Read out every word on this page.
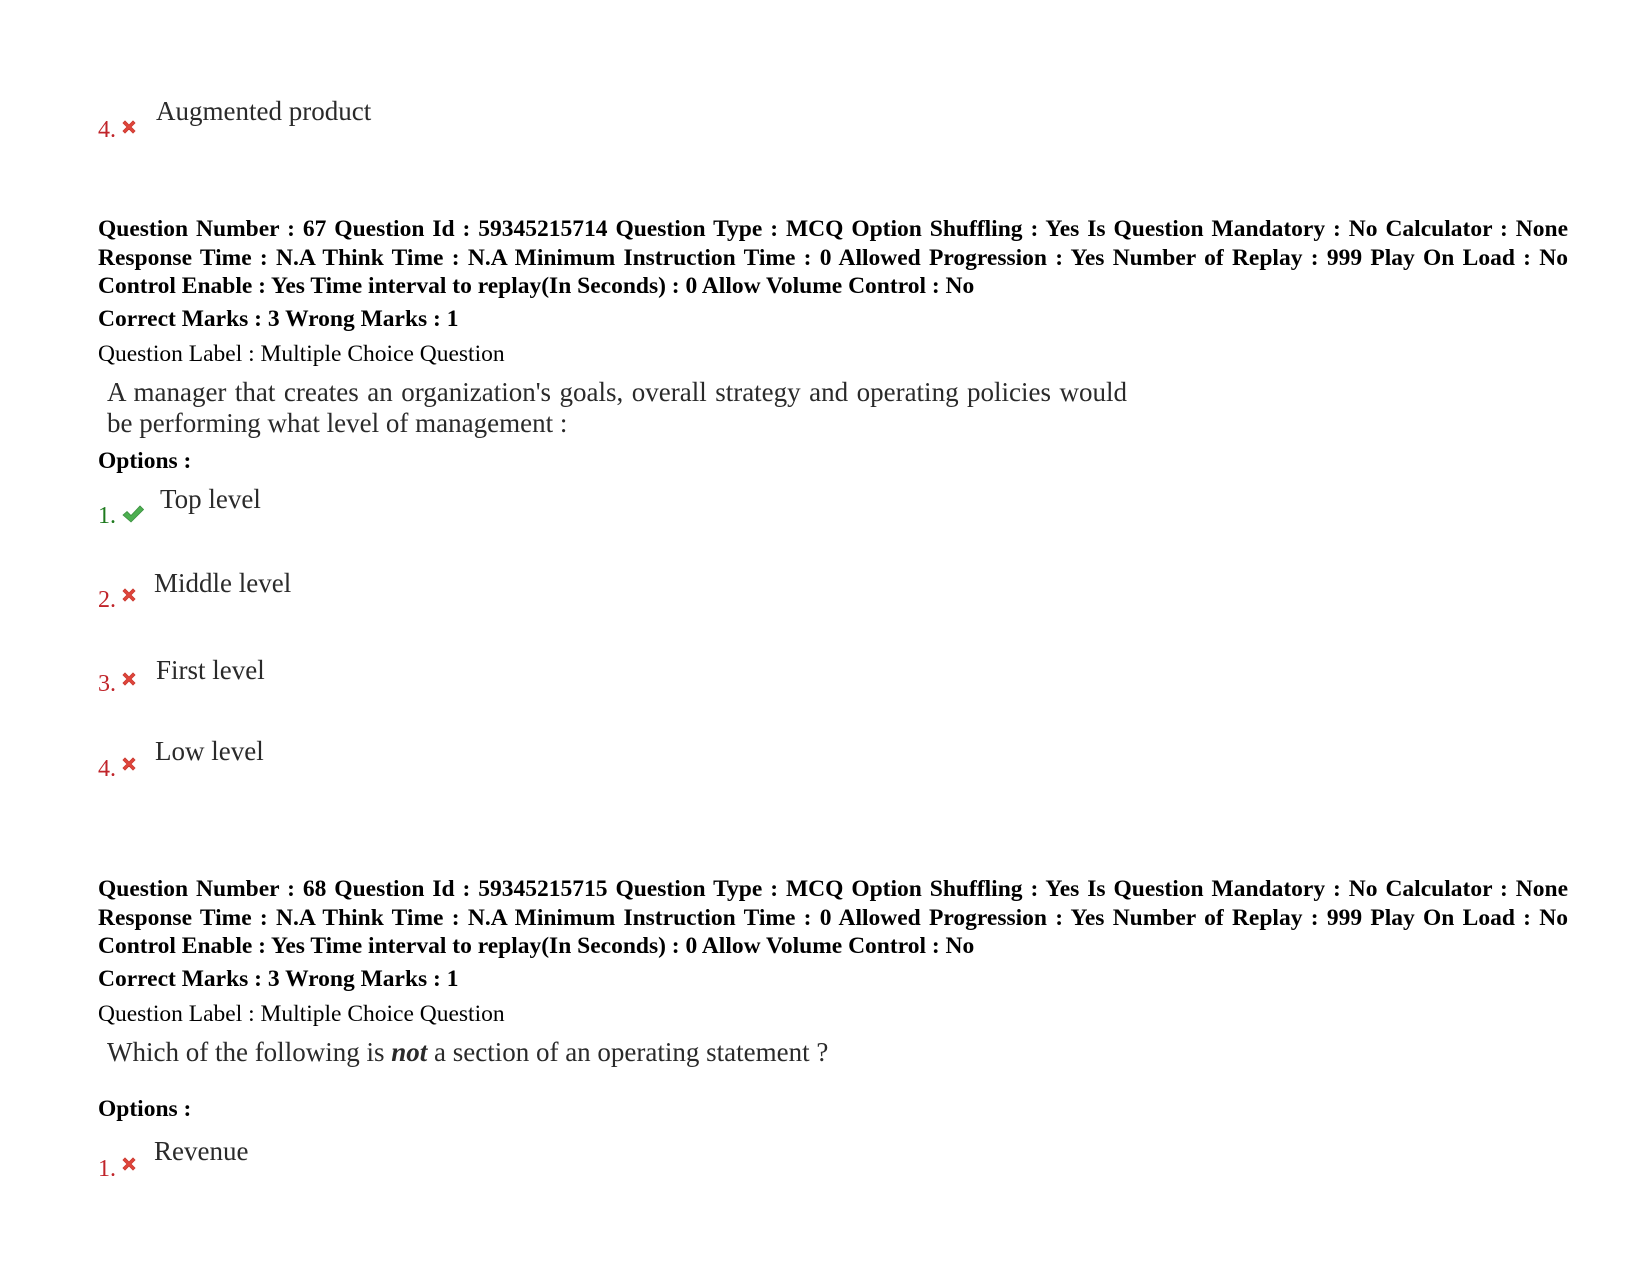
4.
Augmented product

Question Number : 67 Question Id : 59345215714 Question Type : MCQ Option Shuffling : Yes Is Question Mandatory : No Calculator : None Response Time : N.A Think Time : N.A Minimum Instruction Time : 0 Allowed Progression : Yes Number of Replay : 999 Play On Load : No Control Enable : Yes Time interval to replay(In Seconds) : 0 Allow Volume Control : No

Correct Marks : 3 Wrong Marks : 1

Question Label : Multiple Choice Question

A manager that creates an organization's goals, overall strategy and operating policies would be performing what level of management :

Options :

1.
Top level
2.
Middle level
3. First level
4.
Low level

Question Number : 68 Question Id : 59345215715 Question Type : MCQ Option Shuffling : Yes Is Question Mandatory : No Calculator : None Response Time : N.A Think Time : N.A Minimum Instruction Time : 0 Allowed Progression : Yes Number of Replay : 999 Play On Load : No Control Enable : Yes Time interval to replay(In Seconds) : 0 Allow Volume Control : No

Correct Marks : 3 Wrong Marks : 1

Question Label : Multiple Choice Question

Which of the following is not a section of an operating statement ?

Options :

1.
Revenue
